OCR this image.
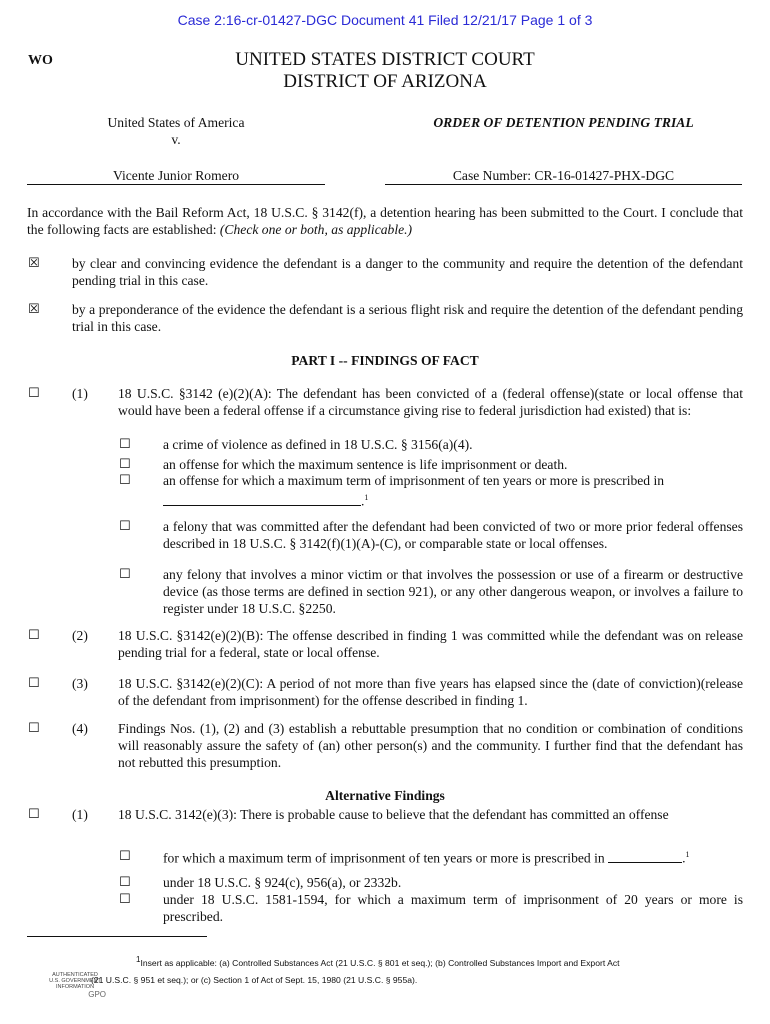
Case 2:16-cr-01427-DGC Document 41 Filed 12/21/17 Page 1 of 3
WO	UNITED STATES DISTRICT COURT
DISTRICT OF ARIZONA
United States of America
v.
Vicente Junior Romero
ORDER OF DETENTION PENDING TRIAL
Case Number: CR-16-01427-PHX-DGC
In accordance with the Bail Reform Act, 18 U.S.C. § 3142(f), a detention hearing has been submitted to the Court. I conclude that the following facts are established: (Check one or both, as applicable.)
☒ by clear and convincing evidence the defendant is a danger to the community and require the detention of the defendant pending trial in this case.
☒ by a preponderance of the evidence the defendant is a serious flight risk and require the detention of the defendant pending trial in this case.
PART I -- FINDINGS OF FACT
☐ (1) 18 U.S.C. §3142 (e)(2)(A): The defendant has been convicted of a (federal offense)(state or local offense that would have been a federal offense if a circumstance giving rise to federal jurisdiction had existed) that is:
☐ a crime of violence as defined in 18 U.S.C. § 3156(a)(4).
☐ an offense for which the maximum sentence is life imprisonment or death.
☐ an offense for which a maximum term of imprisonment of ten years or more is prescribed in
.$^1$
☐ a felony that was committed after the defendant had been convicted of two or more prior federal offenses described in 18 U.S.C. § 3142(f)(1)(A)-(C), or comparable state or local offenses.
☐ any felony that involves a minor victim or that involves the possession or use of a firearm or destructive device (as those terms are defined in section 921), or any other dangerous weapon, or involves a failure to register under 18 U.S.C. §2250.
☐ (2) 18 U.S.C. §3142(e)(2)(B): The offense described in finding 1 was committed while the defendant was on release pending trial for a federal, state or local offense.
☐ (3) 18 U.S.C. §3142(e)(2)(C): A period of not more than five years has elapsed since the (date of conviction)(release of the defendant from imprisonment) for the offense described in finding 1.
☐ (4) Findings Nos. (1), (2) and (3) establish a rebuttable presumption that no condition or combination of conditions will reasonably assure the safety of (an) other person(s) and the community. I further find that the defendant has not rebutted this presumption.
Alternative Findings
☐ (1) 18 U.S.C. 3142(e)(3): There is probable cause to believe that the defendant has committed an offense
☐ for which a maximum term of imprisonment of ten years or more is prescribed in	.$^1$
☐ under 18 U.S.C. § 924(c), 956(a), or 2332b.
☐ under 18 U.S.C. 1581-1594, for which a maximum term of imprisonment of 20 years or more is prescribed.
$^1$Insert as applicable: (a) Controlled Substances Act (21 U.S.C. § 801 et seq.); (b) Controlled Substances Import and Export Act
(21 U.S.C. § 951 et seq.); or (c) Section 1 of Act of Sept. 15, 1980 (21 U.S.C. § 955a).
AUTHENTICATED
U.S. GOVERNMENT
INFORMATION
GPO
